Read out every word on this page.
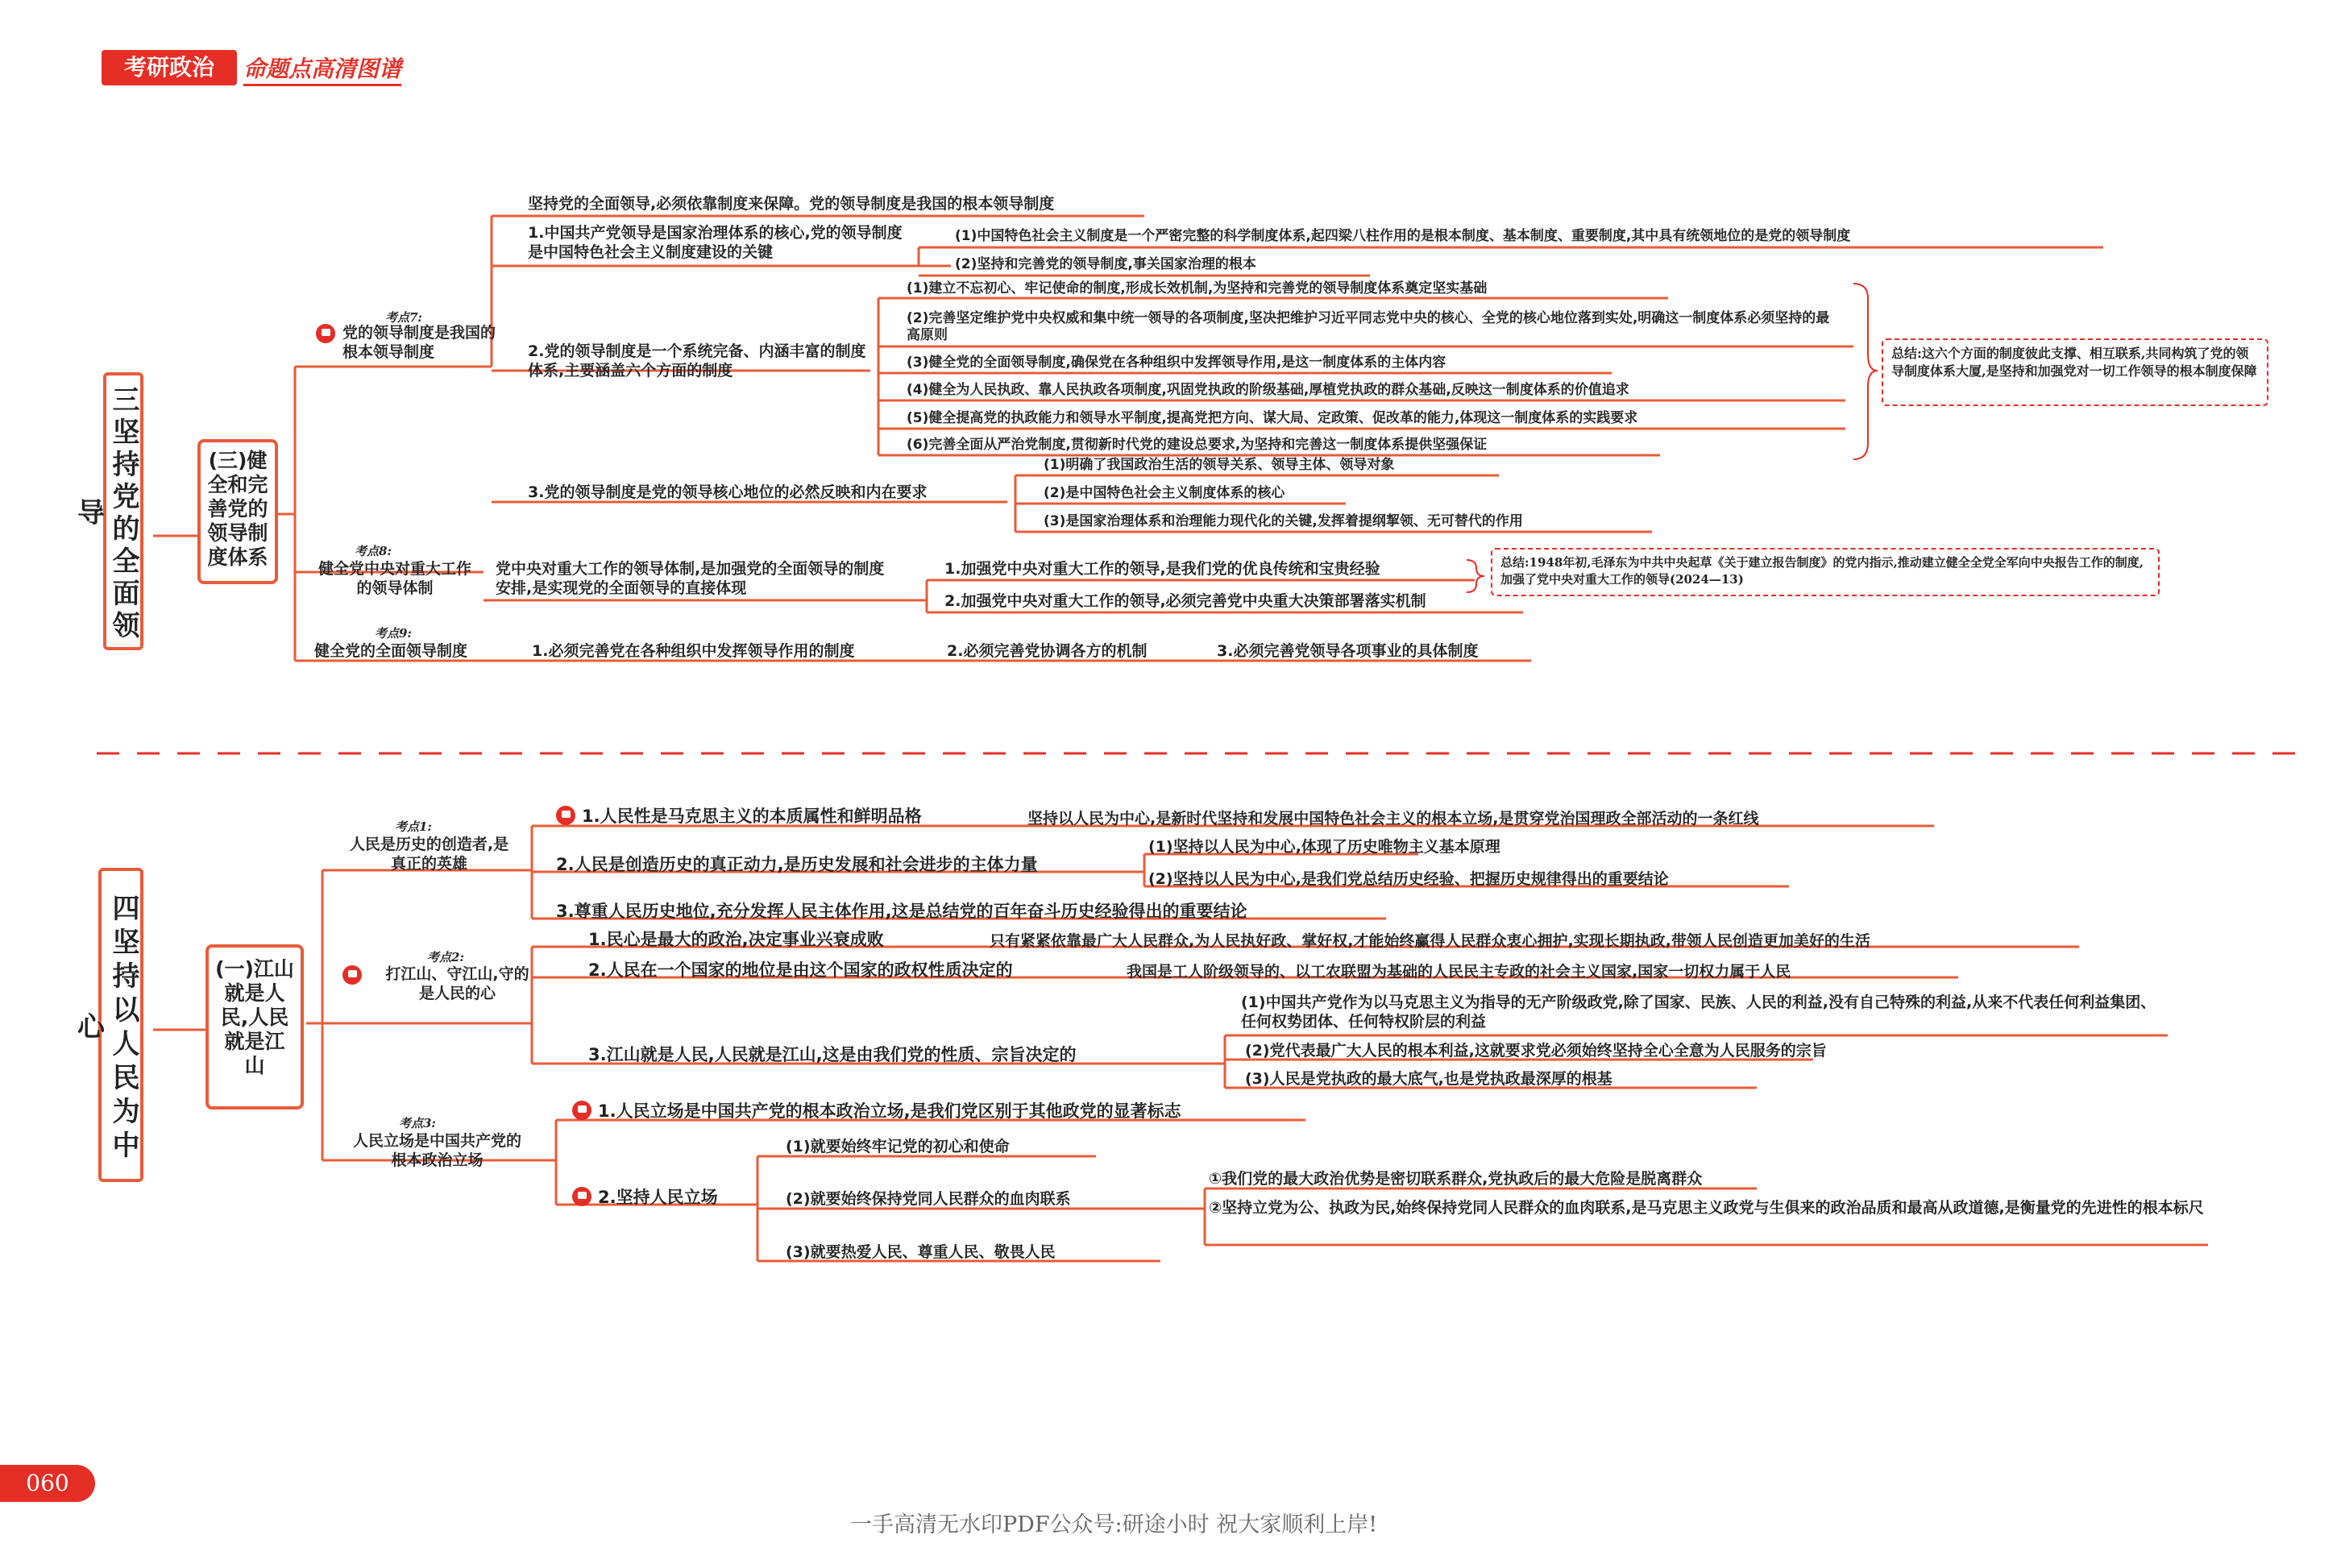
考研政治	命题点高清图谱
三坚持党的全面领导
(三)健全和完善党的领导制度体系
考点7:
党的领导制度是我国的根本领导制度
坚持党的全面领导,必须依靠制度来保障。党的领导制度是我国的根本领导制度
1.中国共产党领导是国家治理体系的核心,党的领导制度是中国特色社会主义制度建设的关键
(1)中国特色社会主义制度是一个严密完整的科学制度体系,起四梁八柱作用的是根本制度、基本制度、重要制度,其中具有统领地位的是党的领导制度
(2)坚持和完善党的领导制度,事关国家治理的根本
2.党的领导制度是一个系统完备、内涵丰富的制度体系,主要涵盖六个方面的制度
(1)建立不忘初心、牢记使命的制度,形成长效机制,为坚持和完善党的领导制度体系奠定坚实基础
(2)完善坚定维护党中央权威和集中统一领导的各项制度,坚决把维护习近平同志党中央的核心、全党的核心地位落到实处,明确这一制度体系必须坚持的最高原则
(3)健全党的全面领导制度,确保党在各种组织中发挥领导作用,是这一制度体系的主体内容
(4)健全为人民执政、靠人民执政各项制度,巩固党执政的阶级基础,厚植党执政的群众基础,反映这一制度体系的价值追求
(5)健全提高党的执政能力和领导水平制度,提高党把方向、谋大局、定政策、促改革的能力,体现这一制度体系的实践要求
(6)完善全面从严治党制度,贯彻新时代党的建设总要求,为坚持和完善这一制度体系提供坚强保证
总结:这六个方面的制度彼此支撑、相互联系,共同构筑了党的领导制度体系大厦,是坚持和加强党对一切工作领导的根本制度保障
3.党的领导制度是党的领导核心地位的必然反映和内在要求
(1)明确了我国政治生活的领导关系、领导主体、领导对象
(2)是中国特色社会主义制度体系的核心
(3)是国家治理体系和治理能力现代化的关键,发挥着提纲挈领、无可替代的作用
考点8:
健全党中央对重大工作的领导体制
党中央对重大工作的领导体制,是加强党的全面领导的制度安排,是实现党的全面领导的直接体现
1.加强党中央对重大工作的领导,是我们党的优良传统和宝贵经验
2.加强党中央对重大工作的领导,必须完善党中央重大决策部署落实机制
总结:1948年初,毛泽东为中共中央起草《关于建立报告制度》的党内指示,推动建立健全全党全军向中央报告工作的制度,加强了党中央对重大工作的领导(2024—13)
考点9:
健全党的全面领导制度	1.必须完善党在各种组织中发挥领导作用的制度	2.必须完善党协调各方的机制	3.必须完善党领导各项事业的具体制度
四坚持以人民为中心
(一)江山就是人民,人民就是江山
考点1:
人民是历史的创造者,是真正的英雄
1.人民性是马克思主义的本质属性和鲜明品格	坚持以人民为中心,是新时代坚持和发展中国特色社会主义的根本立场,是贯穿党治国理政全部活动的一条红线
2.人民是创造历史的真正动力,是历史发展和社会进步的主体力量
(1)坚持以人民为中心,体现了历史唯物主义基本原理
(2)坚持以人民为中心,是我们党总结历史经验、把握历史规律得出的重要结论
3.尊重人民历史地位,充分发挥人民主体作用,这是总结党的百年奋斗历史经验得出的重要结论
考点2:
打江山、守江山,守的是人民的心
1.民心是最大的政治,决定事业兴衰成败	只有紧紧依靠最广大人民群众,为人民执好政、掌好权,才能始终赢得人民群众衷心拥护,实现长期执政,带领人民创造更加美好的生活
2.人民在一个国家的地位是由这个国家的政权性质决定的	我国是工人阶级领导的、以工农联盟为基础的人民民主专政的社会主义国家,国家一切权力属于人民
3.江山就是人民,人民就是江山,这是由我们党的性质、宗旨决定的
(1)中国共产党作为以马克思主义为指导的无产阶级政党,除了国家、民族、人民的利益,没有自己特殊的利益,从来不代表任何利益集团、任何权势团体、任何特权阶层的利益
(2)党代表最广大人民的根本利益,这就要求党必须始终坚持全心全意为人民服务的宗旨
(3)人民是党执政的最大底气,也是党执政最深厚的根基
考点3:
人民立场是中国共产党的根本政治立场
1.人民立场是中国共产党的根本政治立场,是我们党区别于其他政党的显著标志
2.坚持人民立场
(1)就要始终牢记党的初心和使命
(2)就要始终保持党同人民群众的血肉联系
(3)就要热爱人民、尊重人民、敬畏人民
①我们党的最大政治优势是密切联系群众,党执政后的最大危险是脱离群众
②坚持立党为公、执政为民,始终保持党同人民群众的血肉联系,是马克思主义政党与生俱来的政治品质和最高从政道德,是衡量党的先进性的根本标尺
060
一手高清无水印PDF公众号:研途小时 祝大家顺利上岸!
